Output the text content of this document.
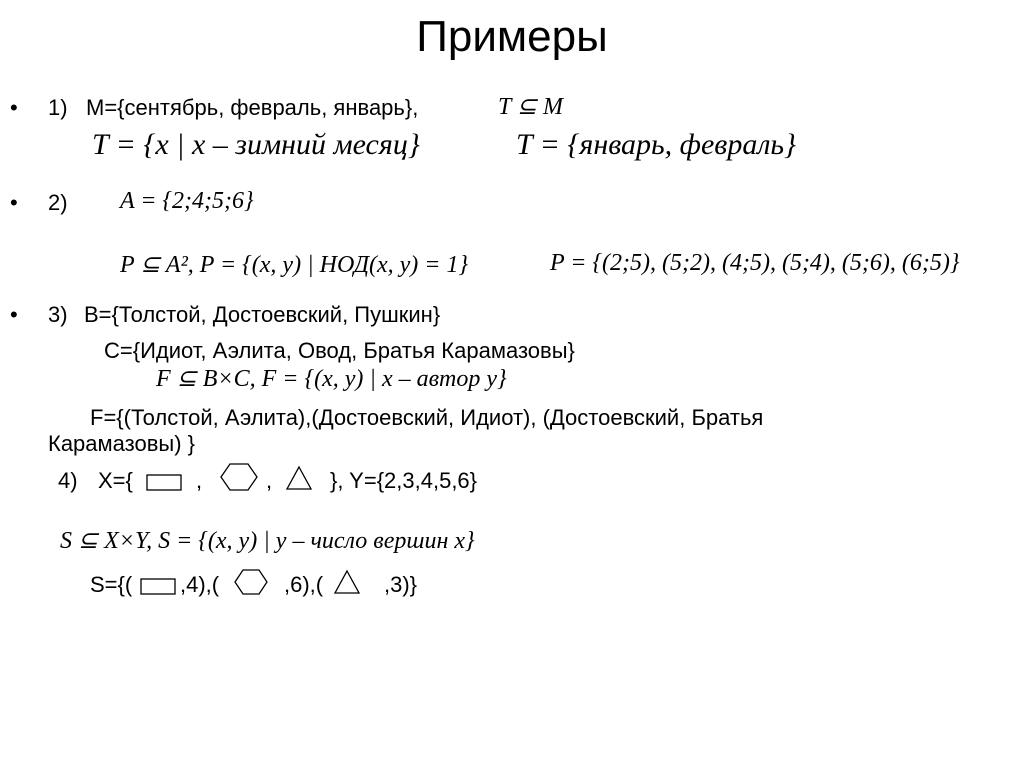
Примеры
• 1) M={сентябрь, февраль, январь},	T ⊆ M
T = {x | x – зимний месяц}	T = {январь, февраль}
• 2) A = {2;4;5;6}
P ⊆ A², P = {(x, y) | НОД(x, y) = 1}	P = {(2;5), (5;2), (4;5), (5;4), (5;6), (6;5)}
• 3) B={Толстой, Достоевский, Пушкин}
C={Идиот, Аэлита, Овод, Братья Карамазовы}
F ⊆ B×C, F = {(x, y) | x – автор y}
F={(Толстой, Аэлита),(Достоевский, Идиот), (Достоевский, Братья
Карамазовы) }
4) X={	,	,	}, Y={2,3,4,5,6}
S ⊆ X×Y, S = {(x, y) | y – число вершин x}
S={( ,4),(	,6),(	,3)}
